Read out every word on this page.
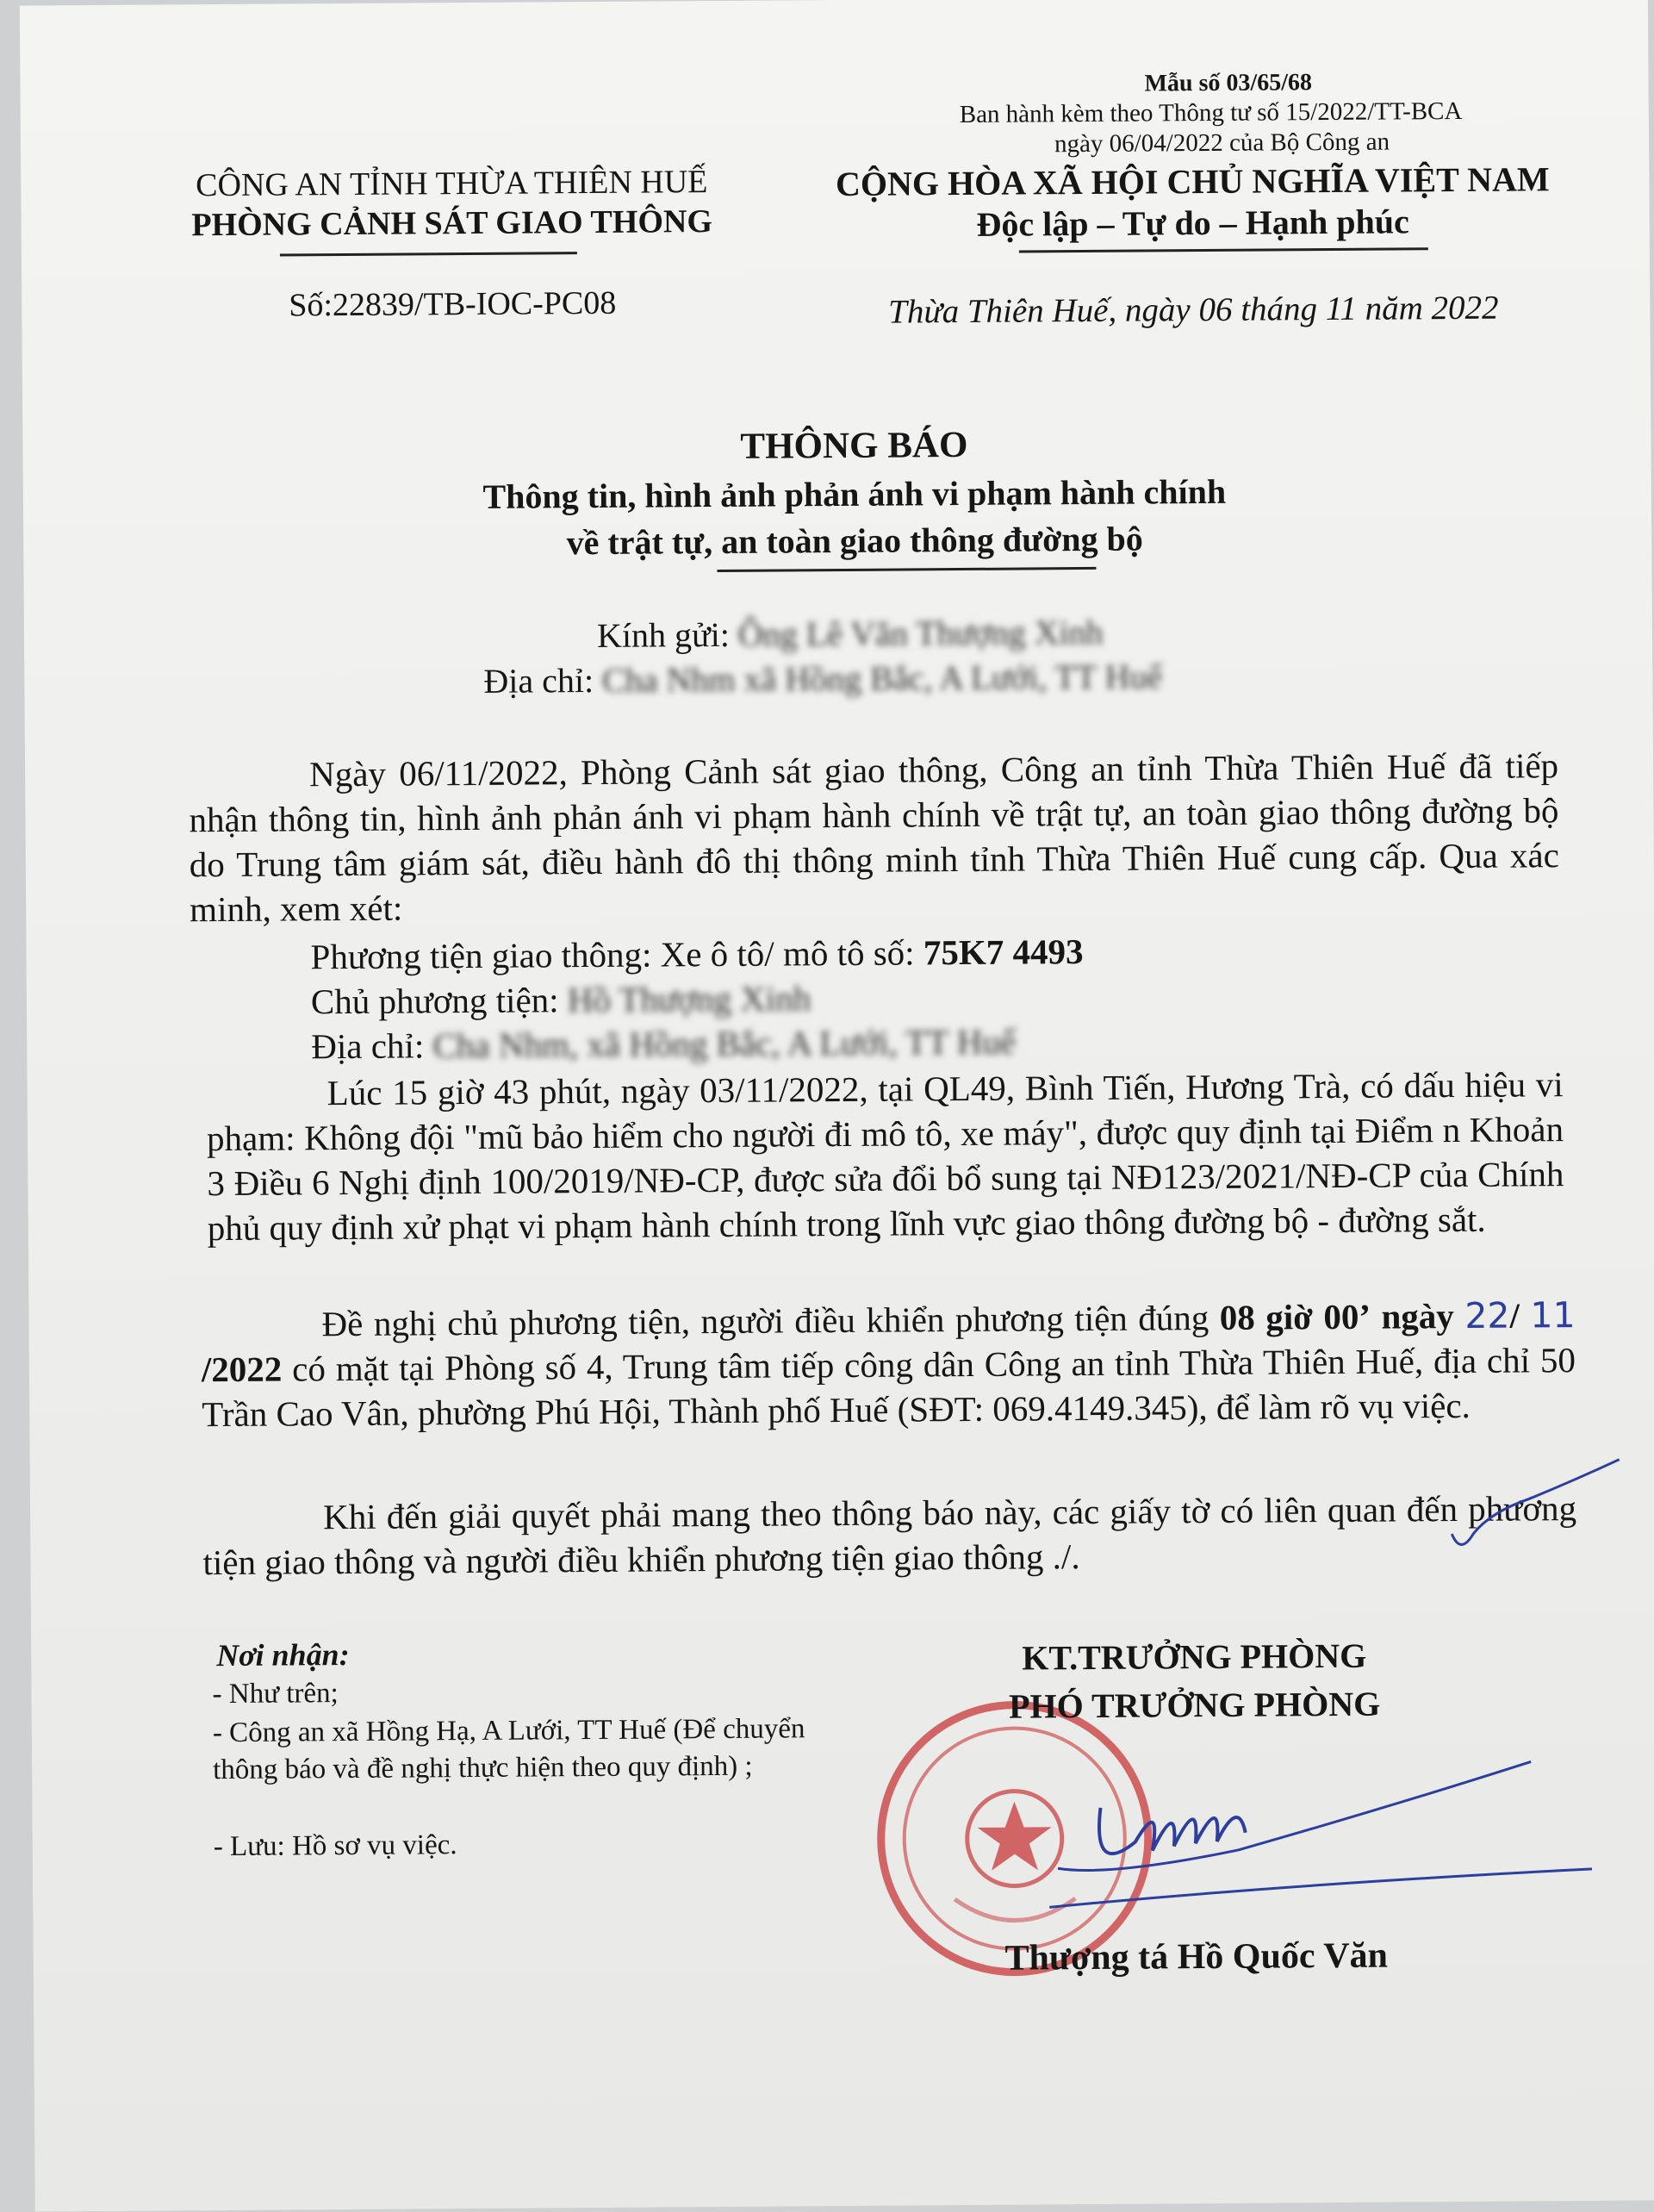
Mẫu số 03/65/68
Ban hành kèm theo Thông tư số 15/2022/TT-BCA
ngày 06/04/2022 của Bộ Công an
CÔNG AN TỈNH THỪA THIÊN HUẾ
PHÒNG CẢNH SÁT GIAO THÔNG
Số:22839/TB-IOC-PC08
CỘNG HÒA XÃ HỘI CHỦ NGHĨA VIỆT NAM
Độc lập – Tự do – Hạnh phúc
Thừa Thiên Huế, ngày 06 tháng 11 năm 2022
THÔNG BÁO
Thông tin, hình ảnh phản ánh vi phạm hành chính
về trật tự, an toàn giao thông đường bộ
Kính gửi: Ông Lê Văn Thượng Xinh
Địa chỉ: Cha Nhm xã Hồng Bắc, A Lưới, TT Huế
Ngày 06/11/2022, Phòng Cảnh sát giao thông, Công an tỉnh Thừa Thiên Huế đã tiếp nhận thông tin, hình ảnh phản ánh vi phạm hành chính về trật tự, an toàn giao thông đường bộ do Trung tâm giám sát, điều hành đô thị thông minh tỉnh Thừa Thiên Huế cung cấp. Qua xác minh, xem xét:
Phương tiện giao thông: Xe ô tô/ mô tô số: 75K7 4493
Chủ phương tiện: Hồ Thượng Xinh
Địa chỉ: Cha Nhm, xã Hồng Bắc, A Lưới, TT Huế
Lúc 15 giờ 43 phút, ngày 03/11/2022, tại QL49, Bình Tiến, Hương Trà, có dấu hiệu vi phạm: Không đội "mũ bảo hiểm cho người đi mô tô, xe máy", được quy định tại Điểm n Khoản 3 Điều 6 Nghị định 100/2019/NĐ-CP, được sửa đổi bổ sung tại NĐ123/2021/NĐ-CP của Chính phủ quy định xử phạt vi phạm hành chính trong lĩnh vực giao thông đường bộ - đường sắt.
Đề nghị chủ phương tiện, người điều khiển phương tiện đúng 08 giờ 00’ ngày 22/ 11 /2022 có mặt tại Phòng số 4, Trung tâm tiếp công dân Công an tỉnh Thừa Thiên Huế, địa chỉ 50 Trần Cao Vân, phường Phú Hội, Thành phố Huế (SĐT: 069.4149.345), để làm rõ vụ việc.
Khi đến giải quyết phải mang theo thông báo này, các giấy tờ có liên quan đến phương tiện giao thông và người điều khiển phương tiện giao thông ./.
Nơi nhận:
- Như trên;
- Công an xã Hồng Hạ, A Lưới, TT Huế (Để chuyển thông báo và đề nghị thực hiện theo quy định) ;
- Lưu: Hồ sơ vụ việc.
KT.TRƯỞNG PHÒNG
PHÓ TRƯỞNG PHÒNG
Thượng tá Hồ Quốc Văn
